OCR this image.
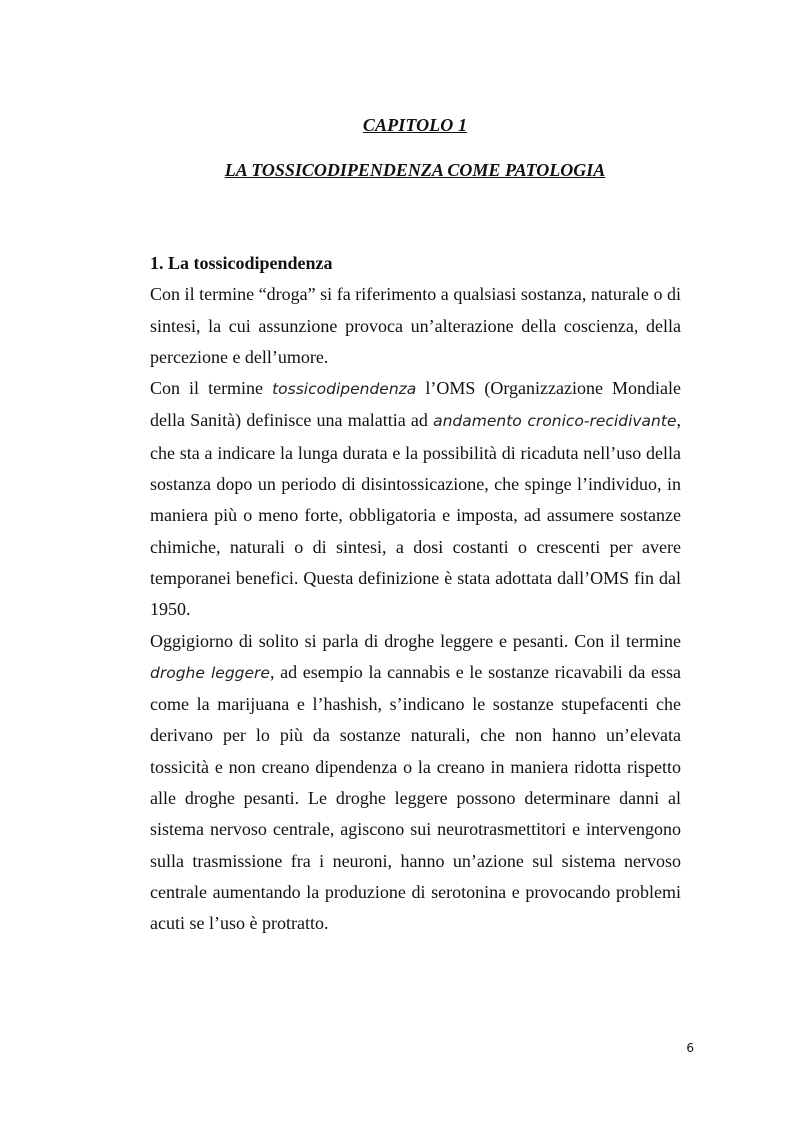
CAPITOLO 1
LA TOSSICODIPENDENZA COME PATOLOGIA

1. La tossicodipendenza

Con il termine “droga” si fa riferimento a qualsiasi sostanza, naturale o di sintesi, la cui assunzione provoca un’alterazione della coscienza, della percezione e dell’umore.

Con il termine tossicodipendenza l’OMS (Organizzazione Mondiale della Sanità) definisce una malattia ad andamento cronico-recidivante, che sta a indicare la lunga durata e la possibilità di ricaduta nell’uso della sostanza dopo un periodo di disintossicazione, che spinge l’individuo, in maniera più o meno forte, obbligatoria e imposta, ad assumere sostanze chimiche, naturali o di sintesi, a dosi costanti o crescenti per avere temporanei benefici. Questa definizione è stata adottata dall’OMS fin dal 1950.

Oggigiorno di solito si parla di droghe leggere e pesanti. Con il termine droghe leggere, ad esempio la cannabis e le sostanze ricavabili da essa come la marijuana e l’hashish, s’indicano le sostanze stupefacenti che derivano per lo più da sostanze naturali, che non hanno un’elevata tossicità e non creano dipendenza o la creano in maniera ridotta rispetto alle droghe pesanti. Le droghe leggere possono determinare danni al sistema nervoso centrale, agiscono sui neurotrasmettitori e intervengono sulla trasmissione fra i neuroni, hanno un’azione sul sistema nervoso centrale aumentando la produzione di serotonina e provocando problemi acuti se l’uso è protratto.

6
